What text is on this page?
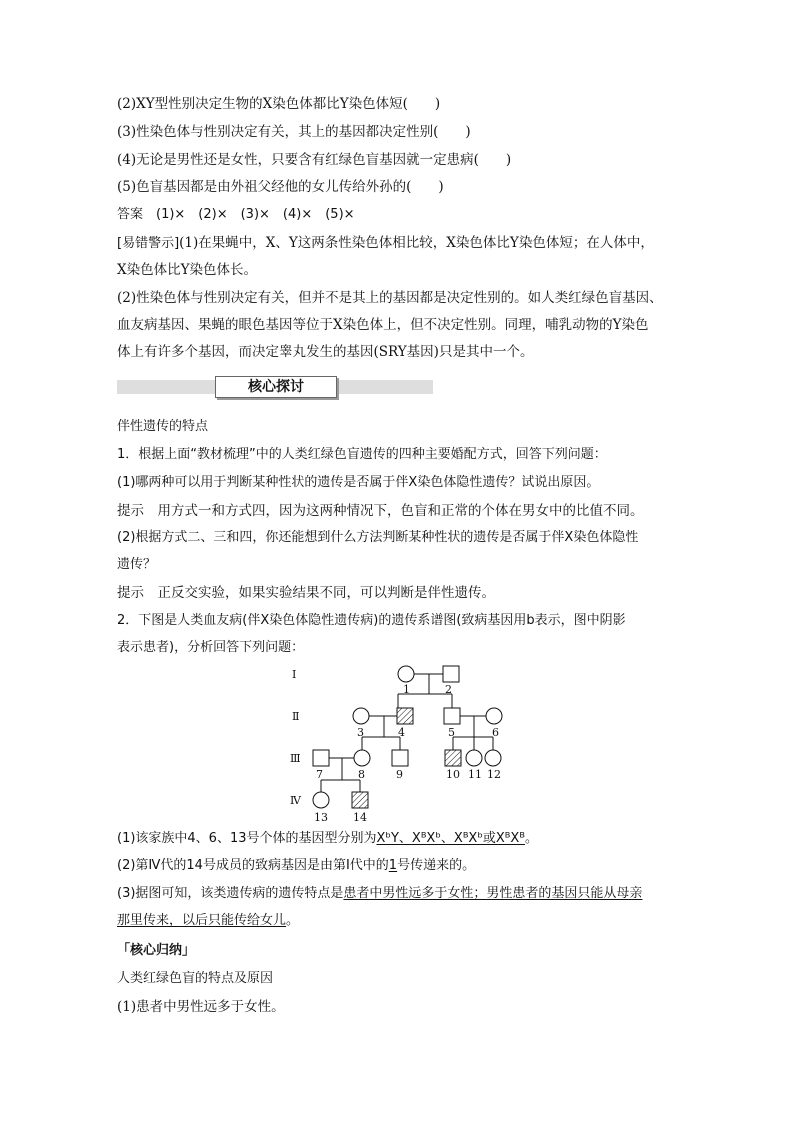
(2)XY型性别决定生物的X染色体都比Y染色体短(　　)
(3)性染色体与性别决定有关，其上的基因都决定性别(　　)
(4)无论是男性还是女性，只要含有红绿色盲基因就一定患病(　　)
(5)色盲基因都是由外祖父经他的女儿传给外孙的(　　)
答案　(1)×　(2)×　(3)×　(4)×　(5)×
[易错警示](1)在果蝇中，X、Y这两条性染色体相比较，X染色体比Y染色体短；在人体中，
X染色体比Y染色体长。
(2)性染色体与性别决定有关，但并不是其上的基因都是决定性别的。如人类红绿色盲基因、
血友病基因、果蝇的眼色基因等位于X染色体上，但不决定性别。同理，哺乳动物的Y染色
体上有许多个基因，而决定睾丸发生的基因(SRY基因)只是其中一个。
核心探讨
伴性遗传的特点
1．根据上面“教材梳理”中的人类红绿色盲遗传的四种主要婚配方式，回答下列问题：
(1)哪两种可以用于判断某种性状的遗传是否属于伴X染色体隐性遗传？试说出原因。
提示　用方式一和方式四，因为这两种情况下，色盲和正常的个体在男女中的比值不同。
(2)根据方式二、三和四，你还能想到什么方法判断某种性状的遗传是否属于伴X染色体隐性
遗传？
提示　正反交实验，如果实验结果不同，可以判断是伴性遗传。
2．下图是人类血友病(伴X染色体隐性遗传病)的遗传系谱图(致病基因用b表示，图中阴影
表示患者)，分析回答下列问题：
Ⅰ
Ⅱ
Ⅲ
Ⅳ
1	2
3	4	5	6
7	8	9	10 11 12
13 14
(1)该家族中4、6、13号个体的基因型分别为XᵇY、XᴮXᵇ、XᴮXᵇ或XᴮXᴮ。
(2)第Ⅳ代的14号成员的致病基因是由第Ⅰ代中的1号传递来的。
(3)据图可知，该类遗传病的遗传特点是患者中男性远多于女性；男性患者的基因只能从母亲
那里传来，以后只能传给女儿。
「核心归纳」
人类红绿色盲的特点及原因
(1)患者中男性远多于女性。
